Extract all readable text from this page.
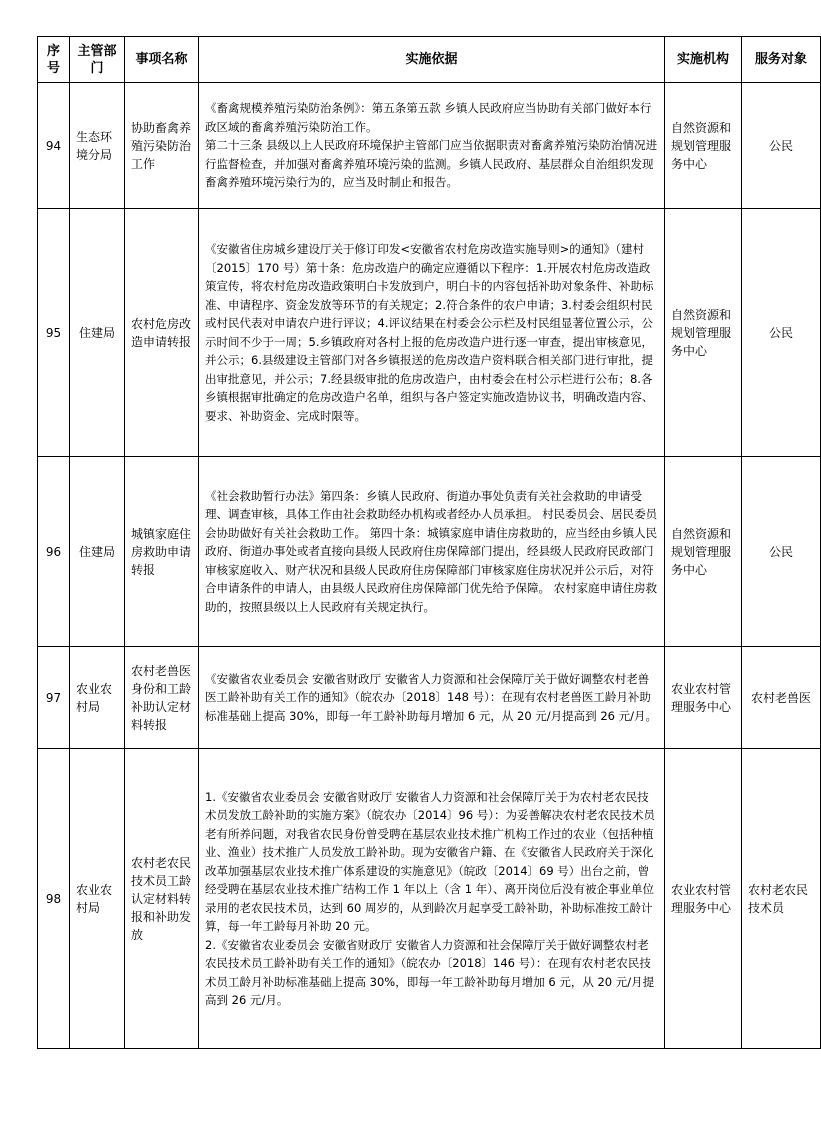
序号	主管部门	事项名称	实施依据	实施机构	服务对象
94	生态环境分局	协助畜禽养殖污染防治工作	《畜禽规模养殖污染防治条例》：第五条第五款 乡镇人民政府应当协助有关部门做好本行政区域的畜禽养殖污染防治工作。

第二十三条 县级以上人民政府环境保护主管部门应当依据职责对畜禽养殖污染防治情况进行监督检查，并加强对畜禽养殖环境污染的监测。乡镇人民政府、基层群众自治组织发现畜禽养殖环境污染行为的，应当及时制止和报告。	自然资源和规划管理服务中心	公民
95	住建局	农村危房改造申请转报	《安徽省住房城乡建设厅关于修订印发<安徽省农村危房改造实施导则>的通知》（建村〔2015〕170 号）第十条：危房改造户的确定应遵循以下程序：1.开展农村危房改造政策宣传，将农村危房改造政策明白卡发放到户，明白卡的内容包括补助对象条件、补助标准、申请程序、资金发放等环节的有关规定；2.符合条件的农户申请；3.村委会组织村民或村民代表对申请农户进行评议；4.评议结果在村委会公示栏及村民组显著位置公示，公示时间不少于一周；5.乡镇政府对各村上报的危房改造户进行逐一审查，提出审核意见，并公示；6.县级建设主管部门对各乡镇报送的危房改造户资料联合相关部门进行审批，提出审批意见，并公示；7.经县级审批的危房改造户，由村委会在村公示栏进行公布；8.各乡镇根据审批确定的危房改造户名单，组织与各户签定实施改造协议书，明确改造内容、要求、补助资金、完成时限等。	自然资源和规划管理服务中心	公民
96	住建局	城镇家庭住房救助申请转报	《社会救助暂行办法》第四条：乡镇人民政府、街道办事处负责有关社会救助的申请受理、调查审核，具体工作由社会救助经办机构或者经办人员承担。 村民委员会、居民委员会协助做好有关社会救助工作。 第四十条：城镇家庭申请住房救助的，应当经由乡镇人民政府、街道办事处或者直接向县级人民政府住房保障部门提出，经县级人民政府民政部门审核家庭收入、财产状况和县级人民政府住房保障部门审核家庭住房状况并公示后，对符合申请条件的申请人，由县级人民政府住房保障部门优先给予保障。 农村家庭申请住房救助的，按照县级以上人民政府有关规定执行。	自然资源和规划管理服务中心	公民
97	农业农村局	农村老兽医身份和工龄补助认定材料转报	《安徽省农业委员会 安徽省财政厅 安徽省人力资源和社会保障厅关于做好调整农村老兽医工龄补助有关工作的通知》（皖农办〔2018〕148 号）：在现有农村老兽医工龄月补助标准基础上提高 30%，即每一年工龄补助每月增加 6 元，从 20 元/月提高到 26 元/月。	农业农村管理服务中心	农村老兽医
98	农业农村局	农村老农民技术员工龄认定材料转报和补助发放	1.《安徽省农业委员会 安徽省财政厅 安徽省人力资源和社会保障厅关于为农村老农民技术员发放工龄补助的实施方案》（皖农办〔2014〕96 号）：为妥善解决农村老农民技术员老有所养问题，对我省农民身份曾受聘在基层农业技术推广机构工作过的农业（包括种植业、渔业）技术推广人员发放工龄补助。现为安徽省户籍、在《安徽省人民政府关于深化改革加强基层农业技术推广体系建设的实施意见》（皖政〔2014〕69 号）出台之前，曾经受聘在基层农业技术推广结构工作 1 年以上（含 1 年）、离开岗位后没有被企事业单位录用的老农民技术员，达到 60 周岁的，从到龄次月起享受工龄补助，补助标准按工龄计算，每一年工龄每月补助 20 元。

2.《安徽省农业委员会 安徽省财政厅 安徽省人力资源和社会保障厅关于做好调整农村老农民技术员工龄补助有关工作的通知》（皖农办〔2018〕146 号）：在现有农村老农民技术员工龄月补助标准基础上提高 30%，即每一年工龄补助每月增加 6 元，从 20 元/月提高到 26 元/月。	农业农村管理服务中心	农村老农民技术员
